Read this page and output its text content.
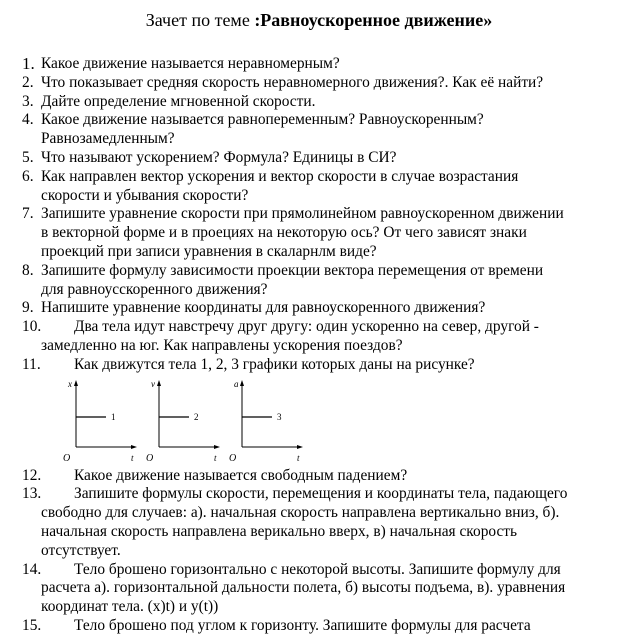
Зачет по теме :Равноускоренное движение»
1. Какое движение называется неравномерным?
2. Что показывает средняя скорость неравномерного движения?. Как её найти?
3. Дайте определение мгновенной скорости.
4. Какое движение называется равнопеременным? Равноускоренным?
Равнозамедленным?
5. Что называют ускорением? Формула? Единицы в СИ?
6. Как направлен вектор ускорения и вектор скорости в случае возрастания
скорости и убывания скорости?
7. Запишите уравнение скорости при прямолинейном равноускоренном движении
в векторной форме и в проециях на некоторую ось? От чего зависят знаки
проекций при записи уравнения в скаларнлм виде?
8. Запишите формулу зависимости проекции вектора перемещения от времени
для равноусскоренного движения?
9. Напишите уравнение координаты для равноускоренного движения?
10.	Два тела идут навстречу друг другу: один ускоренно на север, другой -
замедленно на юг. Как направлены ускорения поездов?
11.	Как движутся тела 1, 2, 3 графики которых даны на рисунке?
x
O	t
1
v
O	t
2
a
O	t
3
12.	Какое движение называется свободным падением?
13.	Запишите формулы скорости, перемещения и координаты тела, падающего
свободно для случаев: а). начальная скорость направлена вертикально вниз, б).
начальная скорость направлена верикально вверх, в) начальная скорость
отсутствует.
14.	Тело брошено горизонтально с некоторой высоты. Запишите формулу для
расчета а). горизонтальной дальности полета, б) высоты подъема, в). уравнения
координат тела. (x)t) и y(t))
15.	Тело брошено под углом к горизонту. Запишите формулы для расчета
